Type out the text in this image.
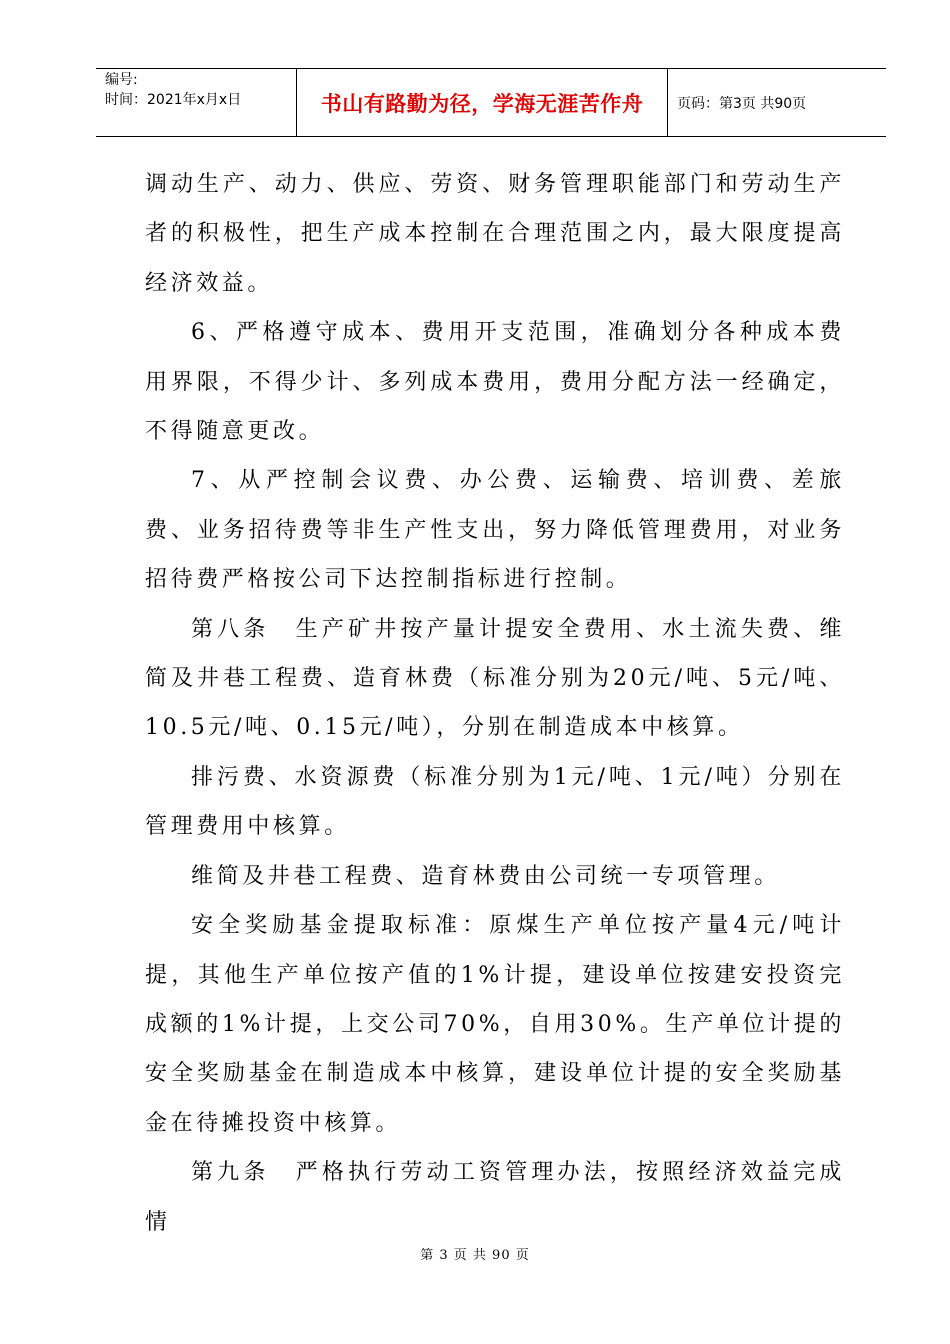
编号:
时间：2021年x月x日	书山有路勤为径，学海无涯苦作舟	页码：第3页 共90页

调动生产、动力、供应、劳资、财务管理职能部门和劳动生产者的积极性，把生产成本控制在合理范围之内，最大限度提高经济效益。

6、严格遵守成本、费用开支范围，准确划分各种成本费用界限，不得少计、多列成本费用，费用分配方法一经确定，不得随意更改。

7、从严控制会议费、办公费、运输费、培训费、差旅费、业务招待费等非生产性支出，努力降低管理费用，对业务招待费严格按公司下达控制指标进行控制。

第八条　生产矿井按产量计提安全费用、水土流失费、维简及井巷工程费、造育林费（标准分别为20元/吨、5元/吨、10.5元/吨、0.15元/吨），分别在制造成本中核算。

排污费、水资源费（标准分别为1元/吨、1元/吨）分别在管理费用中核算。

维简及井巷工程费、造育林费由公司统一专项管理。

安全奖励基金提取标准：原煤生产单位按产量4元/吨计提，其他生产单位按产值的1%计提，建设单位按建安投资完成额的1%计提，上交公司70%，自用30%。生产单位计提的安全奖励基金在制造成本中核算，建设单位计提的安全奖励基金在待摊投资中核算。

第九条　严格执行劳动工资管理办法，按照经济效益完成情

第 3 页 共 90 页
